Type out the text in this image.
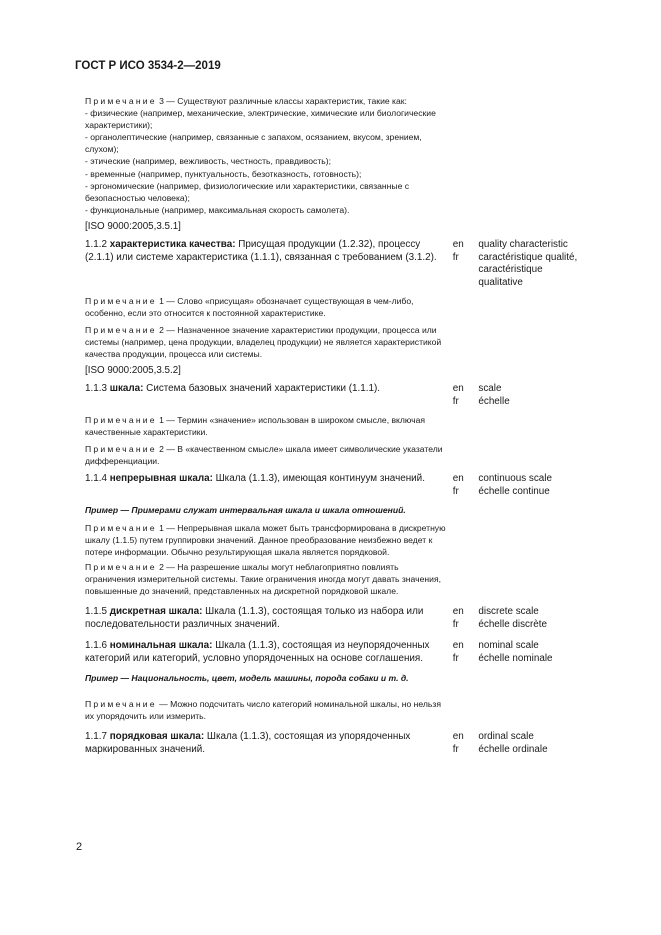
ГОСТ Р ИСО 3534-2—2019

Примечание 3 — Существуют различные классы характеристик, такие как:

- физические (например, механические, электрические, химические или биологические характеристики);

- органолептические (например, связанные с запахом, осязанием, вкусом, зрением, слухом);

- этические (например, вежливость, честность, правдивость);

- временные (например, пунктуальность, безотказность, готовность);

- эргономические (например, физиологические или характеристики, связанные с безопасностью человека);

- функциональные (например, максимальная скорость самолета).

[ISO 9000:2005,3.5.1]
1.1.2 характеристика качества: Присущая продукции (1.2.32), процессу (2.1.1) или системе характеристика (1.1.1), связанная с требованием (3.1.2).
en
fr
quality characteristic
caractéristique qualité,
caractéristique
qualitative
Примечание 1 — Слово «присущая» обозначает существующая в чем-либо, особенно, если это относится к постоянной характеристике.
Примечание 2 — Назначенное значение характеристики продукции, процесса или системы (например, цена продукции, владелец продукции) не является характеристикой качества продукции, процесса или системы.
[ISO 9000:2005,3.5.2]
1.1.3 шкала: Система базовых значений характеристики (1.1.1).	en
fr
scale
échelle
Примечание 1 — Термин «значение» использован в широком смысле, включая качественные характеристики.
Примечание 2 — В «качественном смысле» шкала имеет символические указатели дифференциации.
1.1.4 непрерывная шкала: Шкала (1.1.3), имеющая континуум значений.	en
fr
continuous scale
échelle continue
Пример — Примерами служат интервальная шкала и шкала отношений.
Примечание 1 — Непрерывная шкала может быть трансформирована в дискретную шкалу (1.1.5) путем группировки значений. Данное преобразование неизбежно ведет к потере информации. Обычно результирующая шкала является порядковой.
Примечание 2 — На разрешение шкалы могут неблагоприятно повлиять ограничения измерительной системы. Такие ограничения иногда могут давать значения, повышенные до значений, представленных на дискретной порядковой шкале.
1.1.5 дискретная шкала: Шкала (1.1.3), состоящая только из набора или последовательности различных значений.
en
fr
discrete scale
échelle discrète
1.1.6 номинальная шкала: Шкала (1.1.3), состоящая из неупорядоченных категорий или категорий, условно упорядоченных на основе соглашения.
en
fr
nominal scale
échelle nominale
Пример — Национальность, цвет, модель машины, порода собаки и т. д.
Примечание — Можно подсчитать число категорий номинальной шкалы, но нельзя их упорядочить или измерить.
1.1.7 порядковая шкала: Шкала (1.1.3), состоящая из упорядоченных маркированных значений.
en
fr
ordinal scale
échelle ordinale
2
